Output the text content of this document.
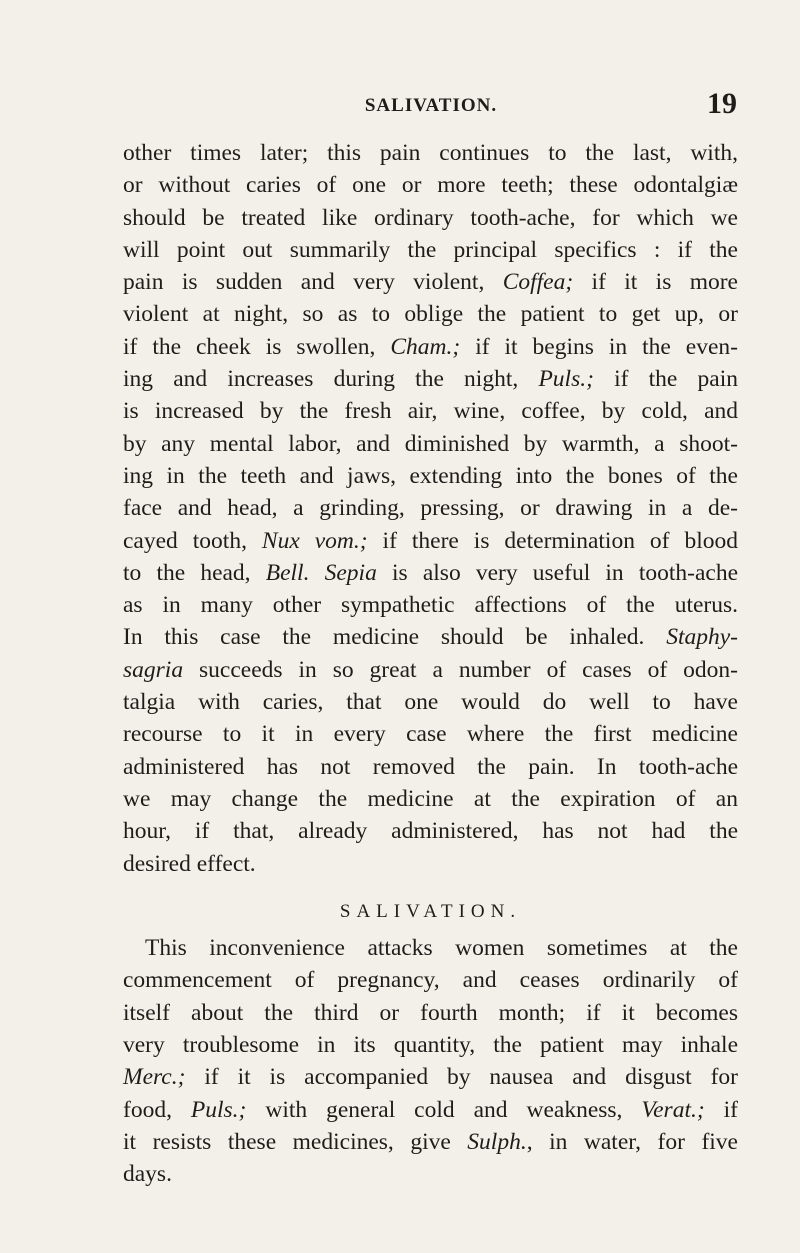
SALIVATION.	19
other times later; this pain continues to the last, with,
or without caries of one or more teeth; these odontalgiæ
should be treated like ordinary tooth-ache, for which we
will point out summarily the principal specifics : if the
pain is sudden and very violent, Coffea; if it is more
violent at night, so as to oblige the patient to get up, or
if the cheek is swollen, Cham.; if it begins in the even-
ing and increases during the night, Puls.; if the pain
is increased by the fresh air, wine, coffee, by cold, and
by any mental labor, and diminished by warmth, a shoot-
ing in the teeth and jaws, extending into the bones of the
face and head, a grinding, pressing, or drawing in a de-
cayed tooth, Nux vom.; if there is determination of blood
to the head, Bell. Sepia is also very useful in tooth-ache
as in many other sympathetic affections of the uterus.
In this case the medicine should be inhaled. Staphy-
sagria succeeds in so great a number of cases of odon-
talgia with caries, that one would do well to have
recourse to it in every case where the first medicine
administered has not removed the pain. In tooth-ache
we may change the medicine at the expiration of an
hour, if that, already administered, has not had the
desired effect.
SALIVATION.
This inconvenience attacks women sometimes at the
commencement of pregnancy, and ceases ordinarily of
itself about the third or fourth month; if it becomes
very troublesome in its quantity, the patient may inhale
Merc.; if it is accompanied by nausea and disgust for
food, Puls.; with general cold and weakness, Verat.; if
it resists these medicines, give Sulph., in water, for five
days.
